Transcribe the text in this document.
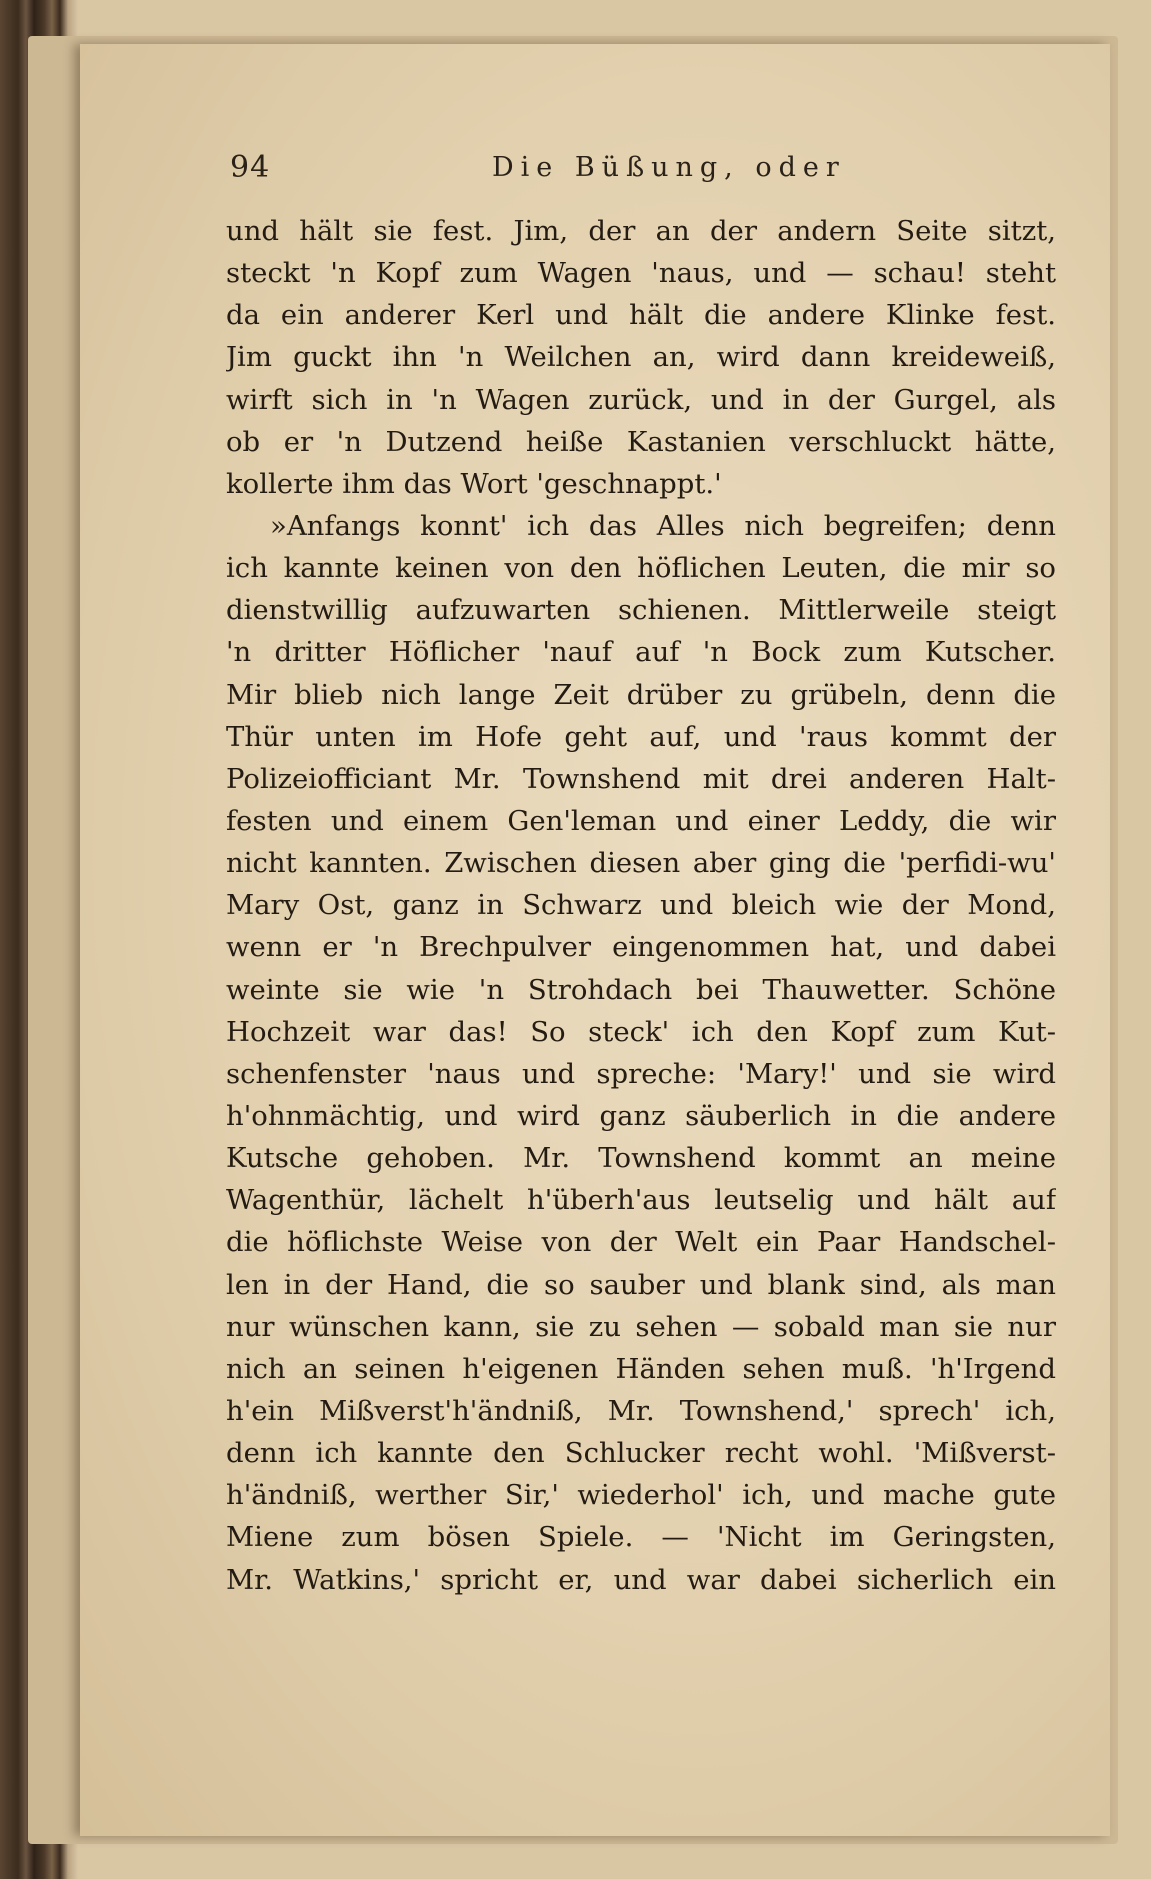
94	Die Büßung, oder
und hält sie fest. Jim, der an der andern Seite sitzt,
steckt 'n Kopf zum Wagen 'naus, und — schau! steht
da ein anderer Kerl und hält die andere Klinke fest.
Jim guckt ihn 'n Weilchen an, wird dann kreideweiß,
wirft sich in 'n Wagen zurück, und in der Gurgel, als
ob er 'n Dutzend heiße Kastanien verschluckt hätte,
kollerte ihm das Wort 'geschnappt.'
»Anfangs konnt' ich das Alles nich begreifen; denn
ich kannte keinen von den höflichen Leuten, die mir so
dienstwillig aufzuwarten schienen. Mittlerweile steigt
'n dritter Höflicher 'nauf auf 'n Bock zum Kutscher.
Mir blieb nich lange Zeit drüber zu grübeln, denn die
Thür unten im Hofe geht auf, und 'raus kommt der
Polizeiofficiant Mr. Townshend mit drei anderen Halt-
festen und einem Gen'leman und einer Leddy, die wir
nicht kannten. Zwischen diesen aber ging die 'perfidi-wu'
Mary Ost, ganz in Schwarz und bleich wie der Mond,
wenn er 'n Brechpulver eingenommen hat, und dabei
weinte sie wie 'n Strohdach bei Thauwetter. Schöne
Hochzeit war das! So steck' ich den Kopf zum Kut-
schenfenster 'naus und spreche: 'Mary!' und sie wird
h'ohnmächtig, und wird ganz säuberlich in die andere
Kutsche gehoben. Mr. Townshend kommt an meine
Wagenthür, lächelt h'überh'aus leutselig und hält auf
die höflichste Weise von der Welt ein Paar Handschel-
len in der Hand, die so sauber und blank sind, als man
nur wünschen kann, sie zu sehen — sobald man sie nur
nich an seinen h'eigenen Händen sehen muß. 'h'Irgend
h'ein Mißverst'h'ändniß, Mr. Townshend,' sprech' ich,
denn ich kannte den Schlucker recht wohl. 'Mißverst-
h'ändniß, werther Sir,' wiederhol' ich, und mache gute
Miene zum bösen Spiele. — 'Nicht im Geringsten,
Mr. Watkins,' spricht er, und war dabei sicherlich ein
